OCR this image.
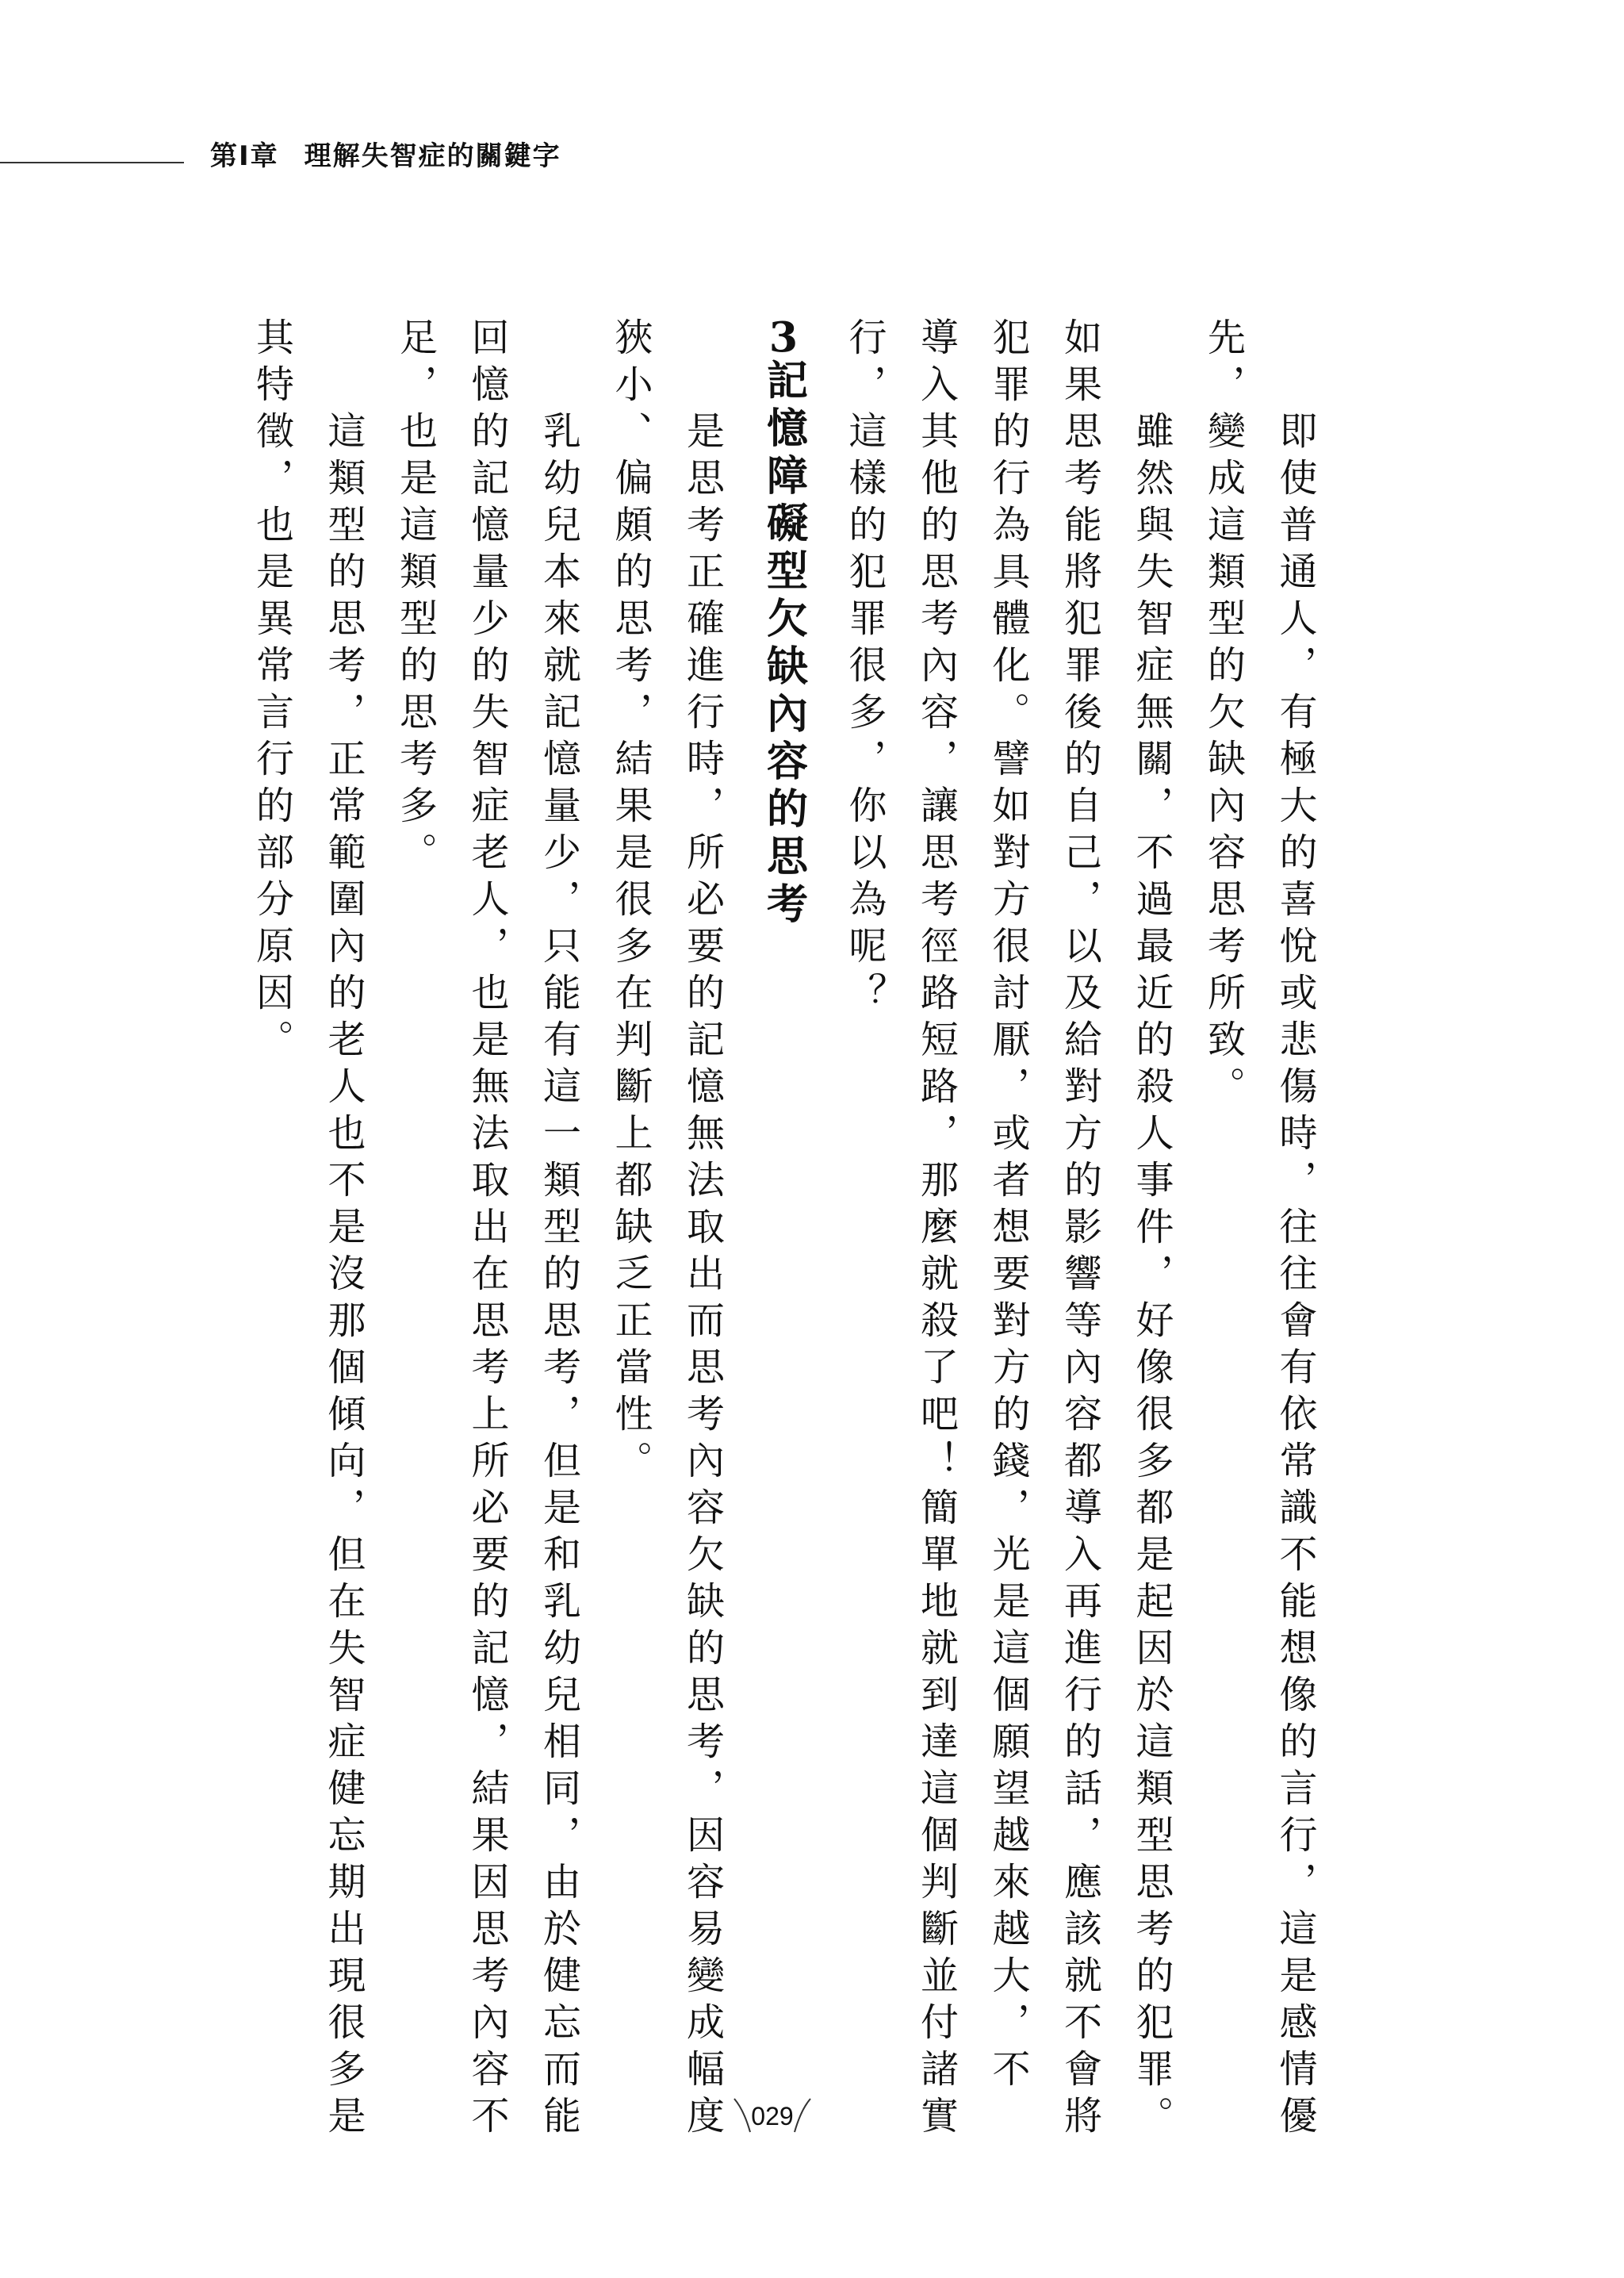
第Ⅰ章 理解失智症的關鍵字

即使普通人，有極大的喜悅或悲傷時，往往會有依常識不能想像的言行，這是感情優

先，變成這類型的欠缺內容思考所致。

雖然與失智症無關，不過最近的殺人事件，好像很多都是起因於這類型思考的犯罪。

如果思考能將犯罪後的自己，以及給對方的影響等內容都導入再進行的話，應該就不會將

犯罪的行為具體化。譬如對方很討厭，或者想要對方的錢，光是這個願望越來越大，不

導入其他的思考內容，讓思考徑路短路，那麼就殺了吧！簡單地就到達這個判斷並付諸實

行，這樣的犯罪很多，你以為呢？

3記憶障礙型欠缺內容的思考

是思考正確進行時，所必要的記憶無法取出而思考內容欠缺的思考，因容易變成幅度

狹小、偏頗的思考，結果是很多在判斷上都缺乏正當性。

乳幼兒本來就記憶量少，只能有這一類型的思考，但是和乳幼兒相同，由於健忘而能

回憶的記憶量少的失智症老人，也是無法取出在思考上所必要的記憶，結果因思考內容不

足，也是這類型的思考多。

這類型的思考，正常範圍內的老人也不是沒那個傾向，但在失智症健忘期出現很多是

其特徵，也是異常言行的部分原因。

029
